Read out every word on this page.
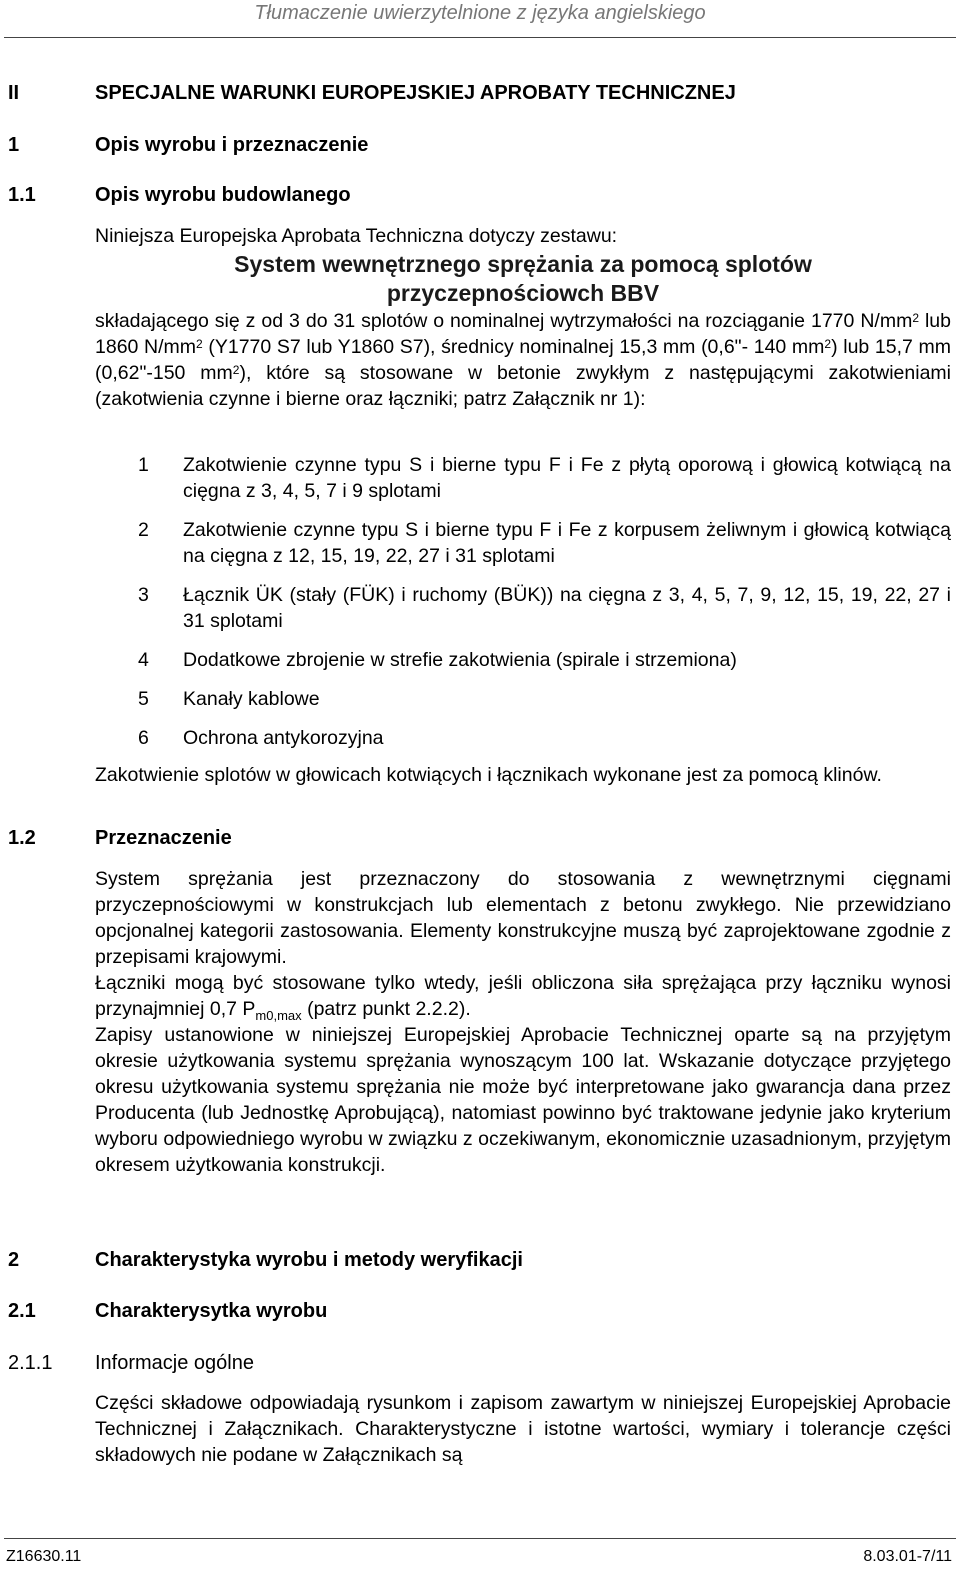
Tłumaczenie uwierzytelnione z języka angielskiego
II	SPECJALNE WARUNKI EUROPEJSKIEJ APROBATY TECHNICZNEJ
1	Opis wyrobu i przeznaczenie
1.1	Opis wyrobu budowlanego
Niniejsza Europejska Aprobata Techniczna dotyczy zestawu:
System wewnętrznego sprężania za pomocą splotów
przyczepnościowch BBV
składającego się z od 3 do 31 splotów o nominalnej wytrzymałości na rozciąganie 1770 $N/mm^2$ lub 1860 $N/mm^2$ (Y1770 S7 lub Y1860 S7), średnicy nominalnej 15,3 mm (0,6"- 140 $mm^2$) lub 15,7 mm (0,62"-150 $mm^2$), które są stosowane w betonie zwykłym z następującymi zakotwieniami (zakotwienia czynne i bierne oraz łączniki; patrz Załącznik nr 1):
1	Zakotwienie czynne typu S i bierne typu F i Fe z płytą oporową i głowicą kotwiącą na cięgna z 3, 4, 5, 7 i 9 splotami
2	Zakotwienie czynne typu S i bierne typu F i Fe z korpusem żeliwnym i głowicą kotwiącą na cięgna z 12, 15, 19, 22, 27 i 31 splotami
3	Łącznik ÜK (stały (FÜK) i ruchomy (BÜK)) na cięgna z 3, 4, 5, 7, 9, 12, 15, 19, 22, 27 i 31 splotami
4	Dodatkowe zbrojenie w strefie zakotwienia (spirale i strzemiona)
5	Kanały kablowe
6	Ochrona antykorozyjna
Zakotwienie splotów w głowicach kotwiących i łącznikach wykonane jest za pomocą klinów.
1.2	Przeznaczenie
System sprężania jest przeznaczony do stosowania z wewnętrznymi cięgnami przyczepnościowymi w konstrukcjach lub elementach z betonu zwykłego. Nie przewidziano opcjonalnej kategorii zastosowania. Elementy konstrukcyjne muszą być zaprojektowane zgodnie z przepisami krajowymi.
Łączniki mogą być stosowane tylko wtedy, jeśli obliczona siła sprężająca przy łączniku wynosi przynajmniej 0,7 $P_{m0,max}$ (patrz punkt 2.2.2).
Zapisy ustanowione w niniejszej Europejskiej Aprobacie Technicznej oparte są na przyjętym okresie użytkowania systemu sprężania wynoszącym 100 lat. Wskazanie dotyczące przyjętego okresu użytkowania systemu sprężania nie może być interpretowane jako gwarancja dana przez Producenta (lub Jednostkę Aprobującą), natomiast powinno być traktowane jedynie jako kryterium wyboru odpowiedniego wyrobu w związku z oczekiwanym, ekonomicznie uzasadnionym, przyjętym okresem użytkowania konstrukcji.
2	Charakterystyka wyrobu i metody weryfikacji
2.1	Charakterysytka wyrobu
2.1.1 Informacje ogólne
Części składowe odpowiadają rysunkom i zapisom zawartym w niniejszej Europejskiej Aprobacie Technicznej i Załącznikach. Charakterystyczne i istotne wartości, wymiary i tolerancje części składowych nie podane w Załącznikach są
Z16630.11	8.03.01-7/11
